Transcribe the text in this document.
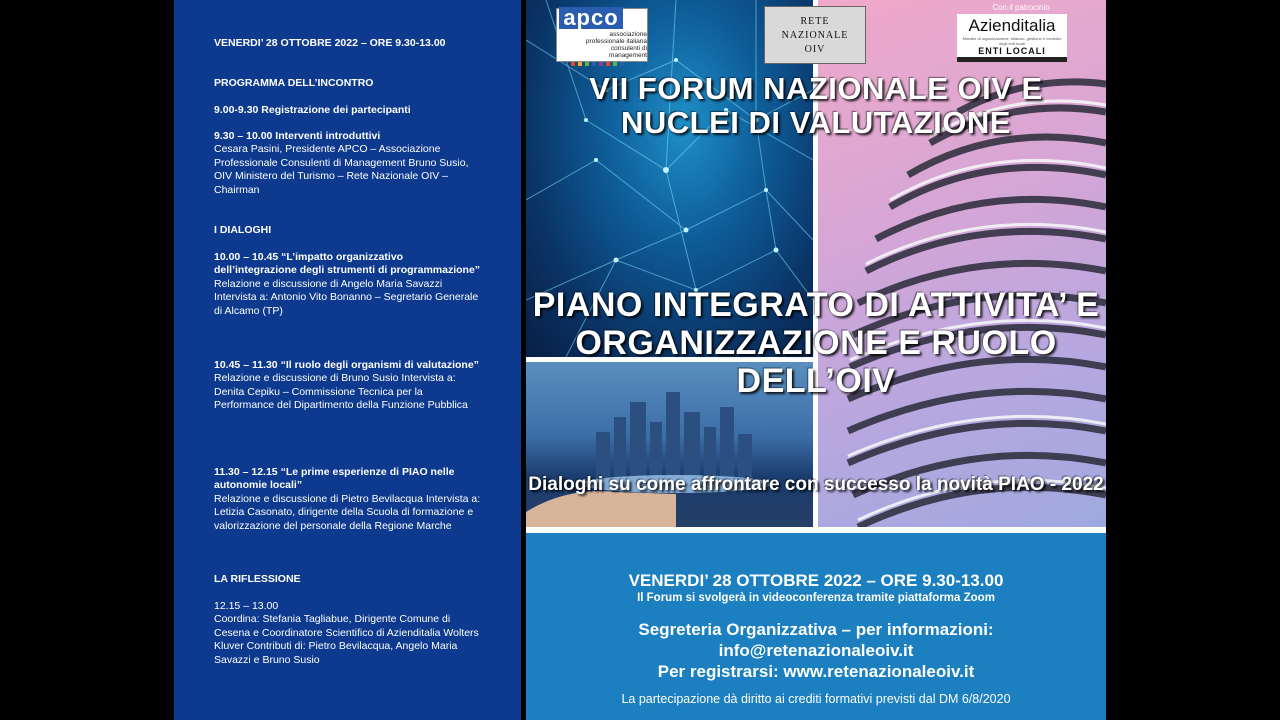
VENERDI’ 28 OTTOBRE 2022 – ORE 9.30-13.00
PROGRAMMA DELL’INCONTRO
9.00-9.30 Registrazione dei partecipanti
9.30 – 10.00 Interventi introduttivi
Cesara Pasini, Presidente APCO – Associazione Professionale Consulenti di Management Bruno Susio, OIV Ministero del Turismo – Rete Nazionale OIV – Chairman
I DIALOGHI
10.00 – 10.45 “L’impatto organizzativo dell’integrazione degli strumenti di programmazione”
Relazione e discussione di Angelo Maria Savazzi Intervista a: Antonio Vito Bonanno – Segretario Generale di Alcamo (TP)
10.45 – 11.30 “Il ruolo degli organismi di valutazione”
Relazione e discussione di Bruno Susio Intervista a: Denita Cepiku – Commissione Tecnica per la Performance del Dipartimento della Funzione Pubblica
11.30 – 12.15 “Le prime esperienze di PIAO nelle autonomie locali”
Relazione e discussione di Pietro Bevilacqua Intervista a: Letizia Casonato, dirigente della Scuola di formazione e valorizzazione del personale della Regione Marche
LA RIFLESSIONE
12.15 – 13.00
Coordina: Stefania Tagliabue, Dirigente Comune di Cesena e Coordinatore Scientifico di Azienditalia Wolters Kluver Contributi di: Pietro Bevilacqua, Angelo Maria Savazzi e Bruno Susio
apco
associazione professionale italiana consulenti di management
RETE
NAZIONALE
OIV
Con il patrocinio
Azienditalia
Mensile di organizzazione, bilancio, gestione e controllo degli enti locali
ENTI LOCALI
VII FORUM NAZIONALE OIV E NUCLEI DI VALUTAZIONE
PIANO INTEGRATO DI ATTIVITA’ E ORGANIZZAZIONE E RUOLO DELL’OIV
Dialoghi su come affrontare con successo la novità PIAO - 2022
VENERDI’ 28 OTTOBRE 2022 – ORE 9.30-13.00
Il Forum si svolgerà in videoconferenza tramite piattaforma Zoom
Segreteria Organizzativa – per informazioni:
info@retenazionaleoiv.it
Per registrarsi: www.retenazionaleoiv.it
La partecipazione dà diritto ai crediti formativi previsti dal DM 6/8/2020
